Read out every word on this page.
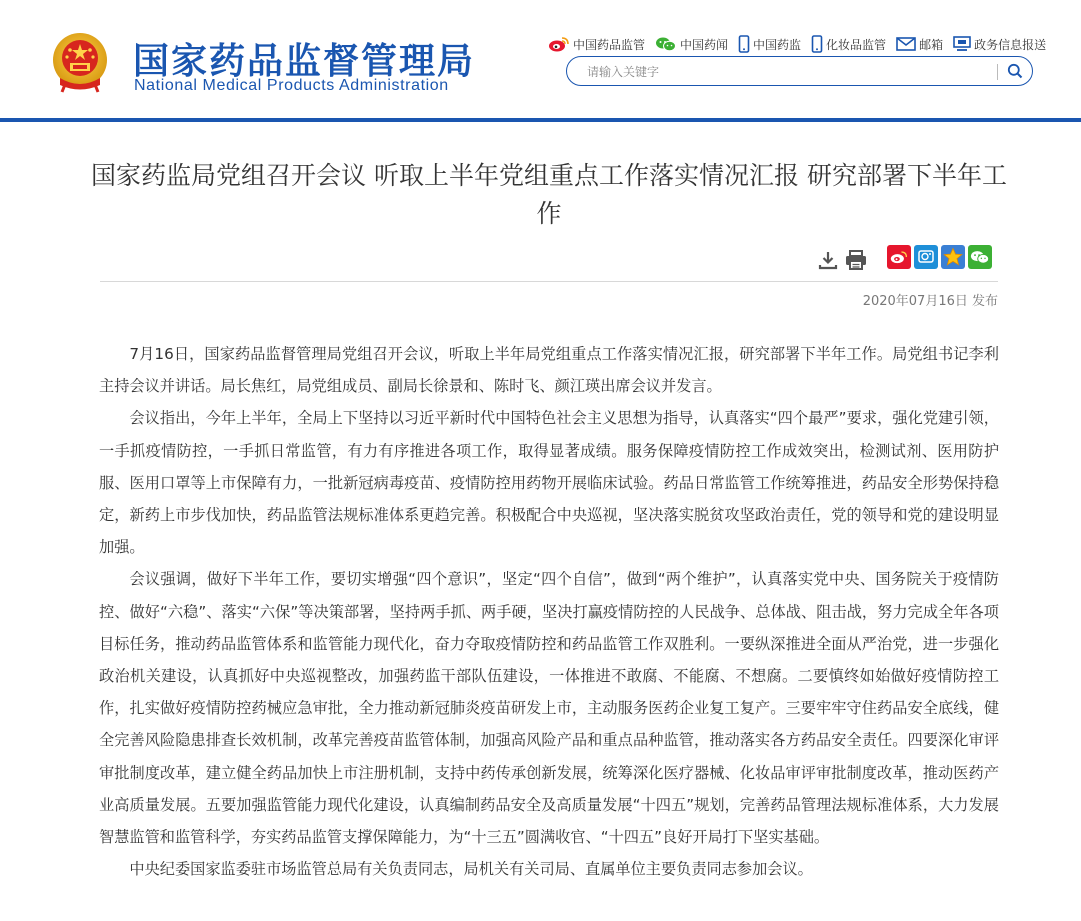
国家药品监督管理局
National Medical Products Administration
中国药品监管	中国药闻 中国药监 化妆品监管	邮箱	政务信息报送
请输入关键字
国家药监局党组召开会议 听取上半年党组重点工作落实情况汇报 研究部署下半年工作
2020年07月16日 发布

7月16日，国家药品监督管理局党组召开会议，听取上半年局党组重点工作落实情况汇报，研究部署下半年工作。局党组书记李利主持会议并讲话。局长焦红，局党组成员、副局长徐景和、陈时飞、颜江瑛出席会议并发言。

会议指出，今年上半年，全局上下坚持以习近平新时代中国特色社会主义思想为指导，认真落实“四个最严”要求，强化党建引领，一手抓疫情防控，一手抓日常监管，有力有序推进各项工作，取得显著成绩。服务保障疫情防控工作成效突出，检测试剂、医用防护服、医用口罩等上市保障有力，一批新冠病毒疫苗、疫情防控用药物开展临床试验。药品日常监管工作统筹推进，药品安全形势保持稳定，新药上市步伐加快，药品监管法规标准体系更趋完善。积极配合中央巡视，坚决落实脱贫攻坚政治责任，党的领导和党的建设明显加强。

会议强调，做好下半年工作，要切实增强“四个意识”，坚定“四个自信”，做到“两个维护”，认真落实党中央、国务院关于疫情防控、做好“六稳”、落实“六保”等决策部署，坚持两手抓、两手硬，坚决打赢疫情防控的人民战争、总体战、阻击战，努力完成全年各项目标任务，推动药品监管体系和监管能力现代化，奋力夺取疫情防控和药品监管工作双胜利。一要纵深推进全面从严治党，进一步强化政治机关建设，认真抓好中央巡视整改，加强药监干部队伍建设，一体推进不敢腐、不能腐、不想腐。二要慎终如始做好疫情防控工作，扎实做好疫情防控药械应急审批，全力推动新冠肺炎疫苗研发上市，主动服务医药企业复工复产。三要牢牢守住药品安全底线，健全完善风险隐患排查长效机制，改革完善疫苗监管体制，加强高风险产品和重点品种监管，推动落实各方药品安全责任。四要深化审评审批制度改革，建立健全药品加快上市注册机制，支持中药传承创新发展，统筹深化医疗器械、化妆品审评审批制度改革，推动医药产业高质量发展。五要加强监管能力现代化建设，认真编制药品安全及高质量发展“十四五”规划，完善药品管理法规标准体系，大力发展智慧监管和监管科学，夯实药品监管支撑保障能力，为“十三五”圆满收官、“十四五”良好开局打下坚实基础。

中央纪委国家监委驻市场监管总局有关负责同志，局机关有关司局、直属单位主要负责同志参加会议。
